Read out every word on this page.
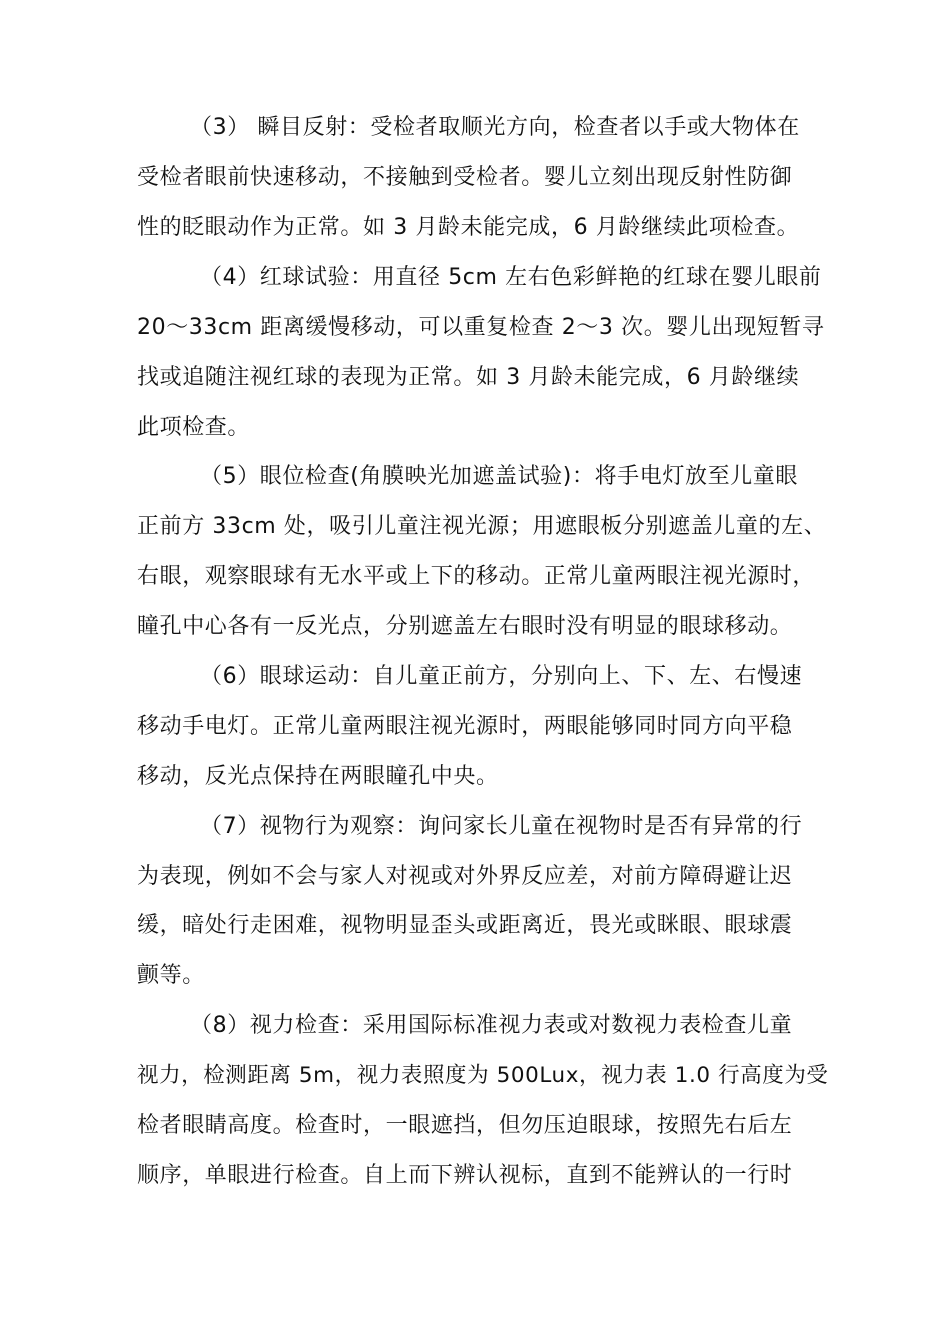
（3） 瞬目反射：受检者取顺光方向，检查者以手或大物体在
受检者眼前快速移动，不接触到受检者。婴儿立刻出现反射性防御
性的眨眼动作为正常。如 3 月龄未能完成，6 月龄继续此项检查。
（4）红球试验：用直径 5cm 左右色彩鲜艳的红球在婴儿眼前
20～33cm 距离缓慢移动，可以重复检查 2～3 次。婴儿出现短暂寻
找或追随注视红球的表现为正常。如 3 月龄未能完成，6 月龄继续
此项检查。
（5）眼位检查(角膜映光加遮盖试验)：将手电灯放至儿童眼
正前方 33cm 处，吸引儿童注视光源；用遮眼板分别遮盖儿童的左、
右眼，观察眼球有无水平或上下的移动。正常儿童两眼注视光源时，
瞳孔中心各有一反光点，分别遮盖左右眼时没有明显的眼球移动。
（6）眼球运动：自儿童正前方，分别向上、下、左、右慢速
移动手电灯。正常儿童两眼注视光源时，两眼能够同时同方向平稳
移动，反光点保持在两眼瞳孔中央。
（7）视物行为观察：询问家长儿童在视物时是否有异常的行
为表现，例如不会与家人对视或对外界反应差，对前方障碍避让迟
缓，暗处行走困难，视物明显歪头或距离近，畏光或眯眼、眼球震
颤等。
（8）视力检查：采用国际标准视力表或对数视力表检查儿童
视力，检测距离 5m，视力表照度为 500Lux，视力表 1.0 行高度为受
检者眼睛高度。检查时，一眼遮挡，但勿压迫眼球，按照先右后左
顺序，单眼进行检查。自上而下辨认视标，直到不能辨认的一行时
